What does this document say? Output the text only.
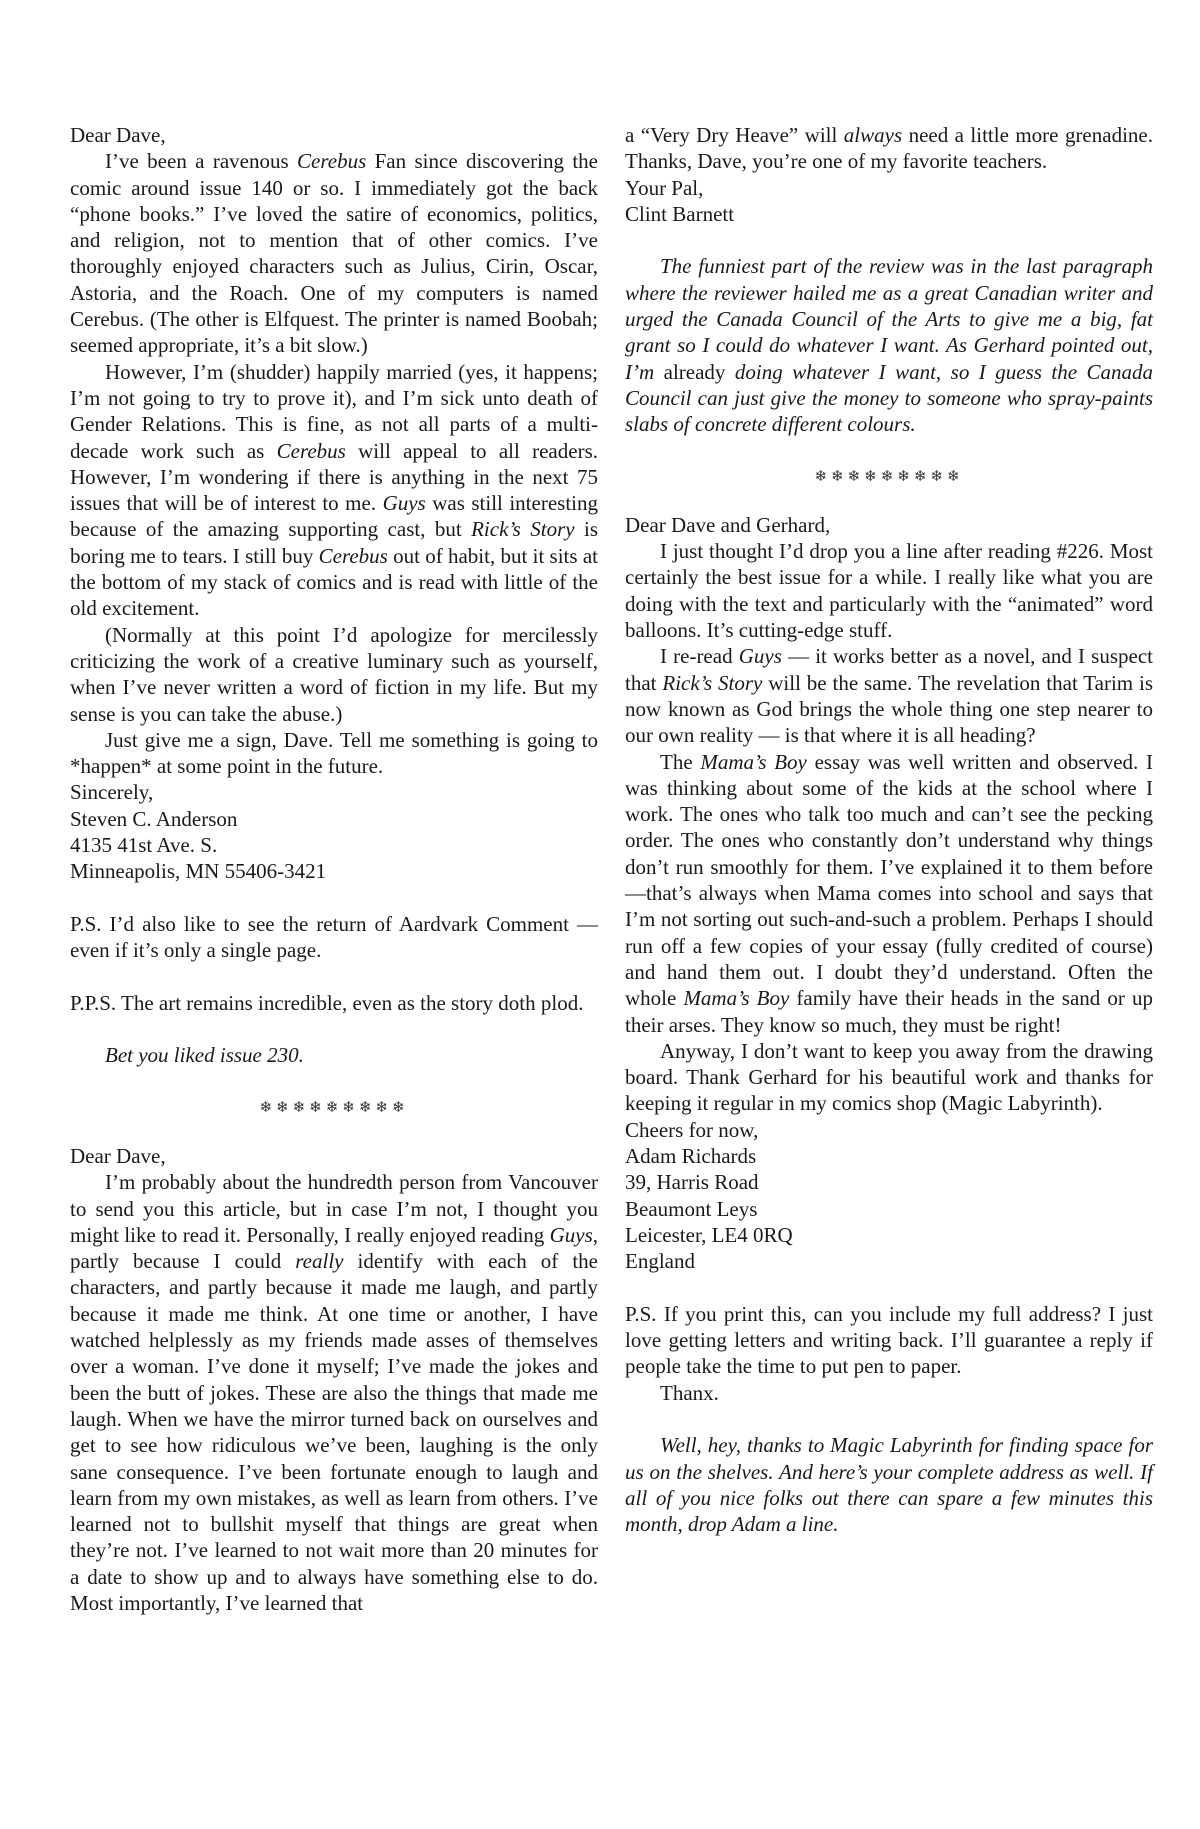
Dear Dave,

I’ve been a ravenous Cerebus Fan since discovering the comic around issue 140 or so. I immediately got the back “phone books.” I’ve loved the satire of economics, politics, and religion, not to mention that of other comics. I’ve thoroughly enjoyed characters such as Julius, Cirin, Oscar, Astoria, and the Roach. One of my computers is named Cerebus. (The other is Elfquest. The printer is named Boobah; seemed appropriate, it’s a bit slow.)

However, I’m (shudder) happily married (yes, it happens; I’m not going to try to prove it), and I’m sick unto death of Gender Relations. This is fine, as not all parts of a multi-decade work such as Cerebus will appeal to all readers. However, I’m wondering if there is anything in the next 75 issues that will be of interest to me. Guys was still interesting because of the amazing supporting cast, but Rick’s Story is boring me to tears. I still buy Cerebus out of habit, but it sits at the bottom of my stack of comics and is read with little of the old excitement.

(Normally at this point I’d apologize for mercilessly criticizing the work of a creative luminary such as yourself, when I’ve never written a word of fiction in my life. But my sense is you can take the abuse.)

Just give me a sign, Dave. Tell me something is going to *happen* at some point in the future.

Sincerely,

Steven C. Anderson

4135 41st Ave. S.

Minneapolis, MN 55406-3421

P.S. I’d also like to see the return of Aardvark Comment — even if it’s only a single page.

P.P.S. The art remains incredible, even as the story doth plod.

Bet you liked issue 230.

❄❄❄❄❄❄❄❄❄

Dear Dave,

I’m probably about the hundredth person from Vancouver to send you this article, but in case I’m not, I thought you might like to read it. Personally, I really enjoyed reading Guys, partly because I could really identify with each of the characters, and partly because it made me laugh, and partly because it made me think. At one time or another, I have watched helplessly as my friends made asses of themselves over a woman. I’ve done it myself; I’ve made the jokes and been the butt of jokes. These are also the things that made me laugh. When we have the mirror turned back on ourselves and get to see how ridiculous we’ve been, laughing is the only sane consequence. I’ve been fortunate enough to laugh and learn from my own mistakes, as well as learn from others. I’ve learned not to bullshit myself that things are great when they’re not. I’ve learned to not wait more than 20 minutes for a date to show up and to always have something else to do. Most importantly, I’ve learned that

a “Very Dry Heave” will always need a little more grenadine. Thanks, Dave, you’re one of my favorite teachers.

Your Pal,

Clint Barnett

The funniest part of the review was in the last paragraph where the reviewer hailed me as a great Canadian writer and urged the Canada Council of the Arts to give me a big, fat grant so I could do whatever I want. As Gerhard pointed out, I’m already doing whatever I want, so I guess the Canada Council can just give the money to someone who spray-paints slabs of concrete different colours.

❄❄❄❄❄❄❄❄❄

Dear Dave and Gerhard,

I just thought I’d drop you a line after reading #226. Most certainly the best issue for a while. I really like what you are doing with the text and particularly with the “animated” word balloons. It’s cutting-edge stuff.

I re-read Guys — it works better as a novel, and I suspect that Rick’s Story will be the same. The revelation that Tarim is now known as God brings the whole thing one step nearer to our own reality — is that where it is all heading?

The Mama’s Boy essay was well written and observed. I was thinking about some of the kids at the school where I work. The ones who talk too much and can’t see the pecking order. The ones who constantly don’t understand why things don’t run smoothly for them. I’ve explained it to them before —that’s always when Mama comes into school and says that I’m not sorting out such-and-such a problem. Perhaps I should run off a few copies of your essay (fully credited of course) and hand them out. I doubt they’d understand. Often the whole Mama’s Boy family have their heads in the sand or up their arses. They know so much, they must be right!

Anyway, I don’t want to keep you away from the drawing board. Thank Gerhard for his beautiful work and thanks for keeping it regular in my comics shop (Magic Labyrinth).

Cheers for now,

Adam Richards

39, Harris Road

Beaumont Leys

Leicester, LE4 0RQ

England

P.S. If you print this, can you include my full address? I just love getting letters and writing back. I’ll guarantee a reply if people take the time to put pen to paper.

Thanx.

Well, hey, thanks to Magic Labyrinth for finding space for us on the shelves. And here’s your complete address as well. If all of you nice folks out there can spare a few minutes this month, drop Adam a line.
